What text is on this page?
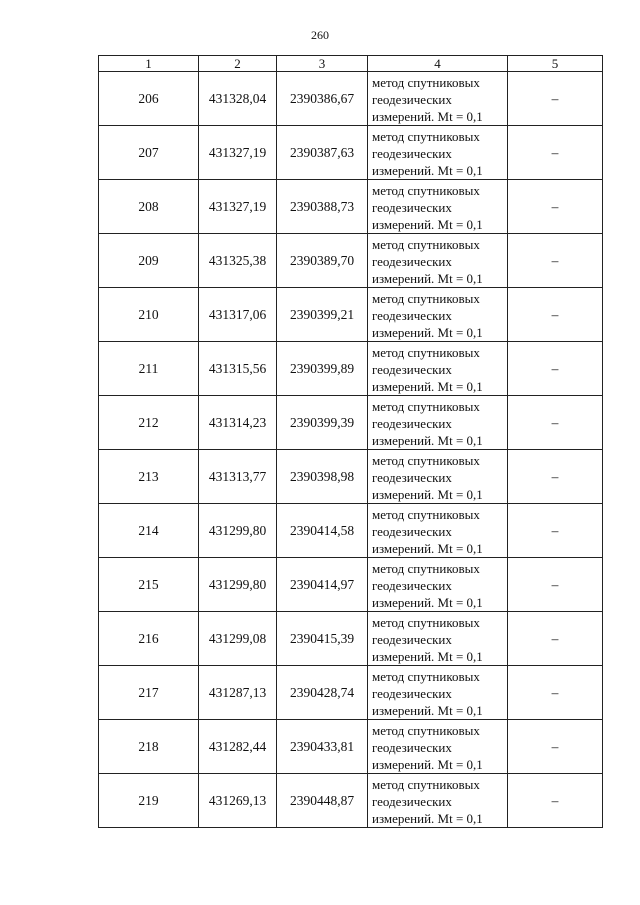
260
1	2	3	4	5
206	431328,04	2390386,67	метод спутниковых
геодезических
измерений. Mt = 0,1	–
207	431327,19	2390387,63	метод спутниковых
геодезических
измерений. Mt = 0,1	–
208	431327,19	2390388,73	метод спутниковых
геодезических
измерений. Mt = 0,1	–
209	431325,38	2390389,70	метод спутниковых
геодезических
измерений. Mt = 0,1	–
210	431317,06	2390399,21	метод спутниковых
геодезических
измерений. Mt = 0,1	–
211	431315,56	2390399,89	метод спутниковых
геодезических
измерений. Mt = 0,1	–
212	431314,23	2390399,39	метод спутниковых
геодезических
измерений. Mt = 0,1	–
213	431313,77	2390398,98	метод спутниковых
геодезических
измерений. Mt = 0,1	–
214	431299,80	2390414,58	метод спутниковых
геодезических
измерений. Mt = 0,1	–
215	431299,80	2390414,97	метод спутниковых
геодезических
измерений. Mt = 0,1	–
216	431299,08	2390415,39	метод спутниковых
геодезических
измерений. Mt = 0,1	–
217	431287,13	2390428,74	метод спутниковых
геодезических
измерений. Mt = 0,1	–
218	431282,44	2390433,81	метод спутниковых
геодезических
измерений. Mt = 0,1	–
219	431269,13	2390448,87	метод спутниковых
геодезических
измерений. Mt = 0,1	–
